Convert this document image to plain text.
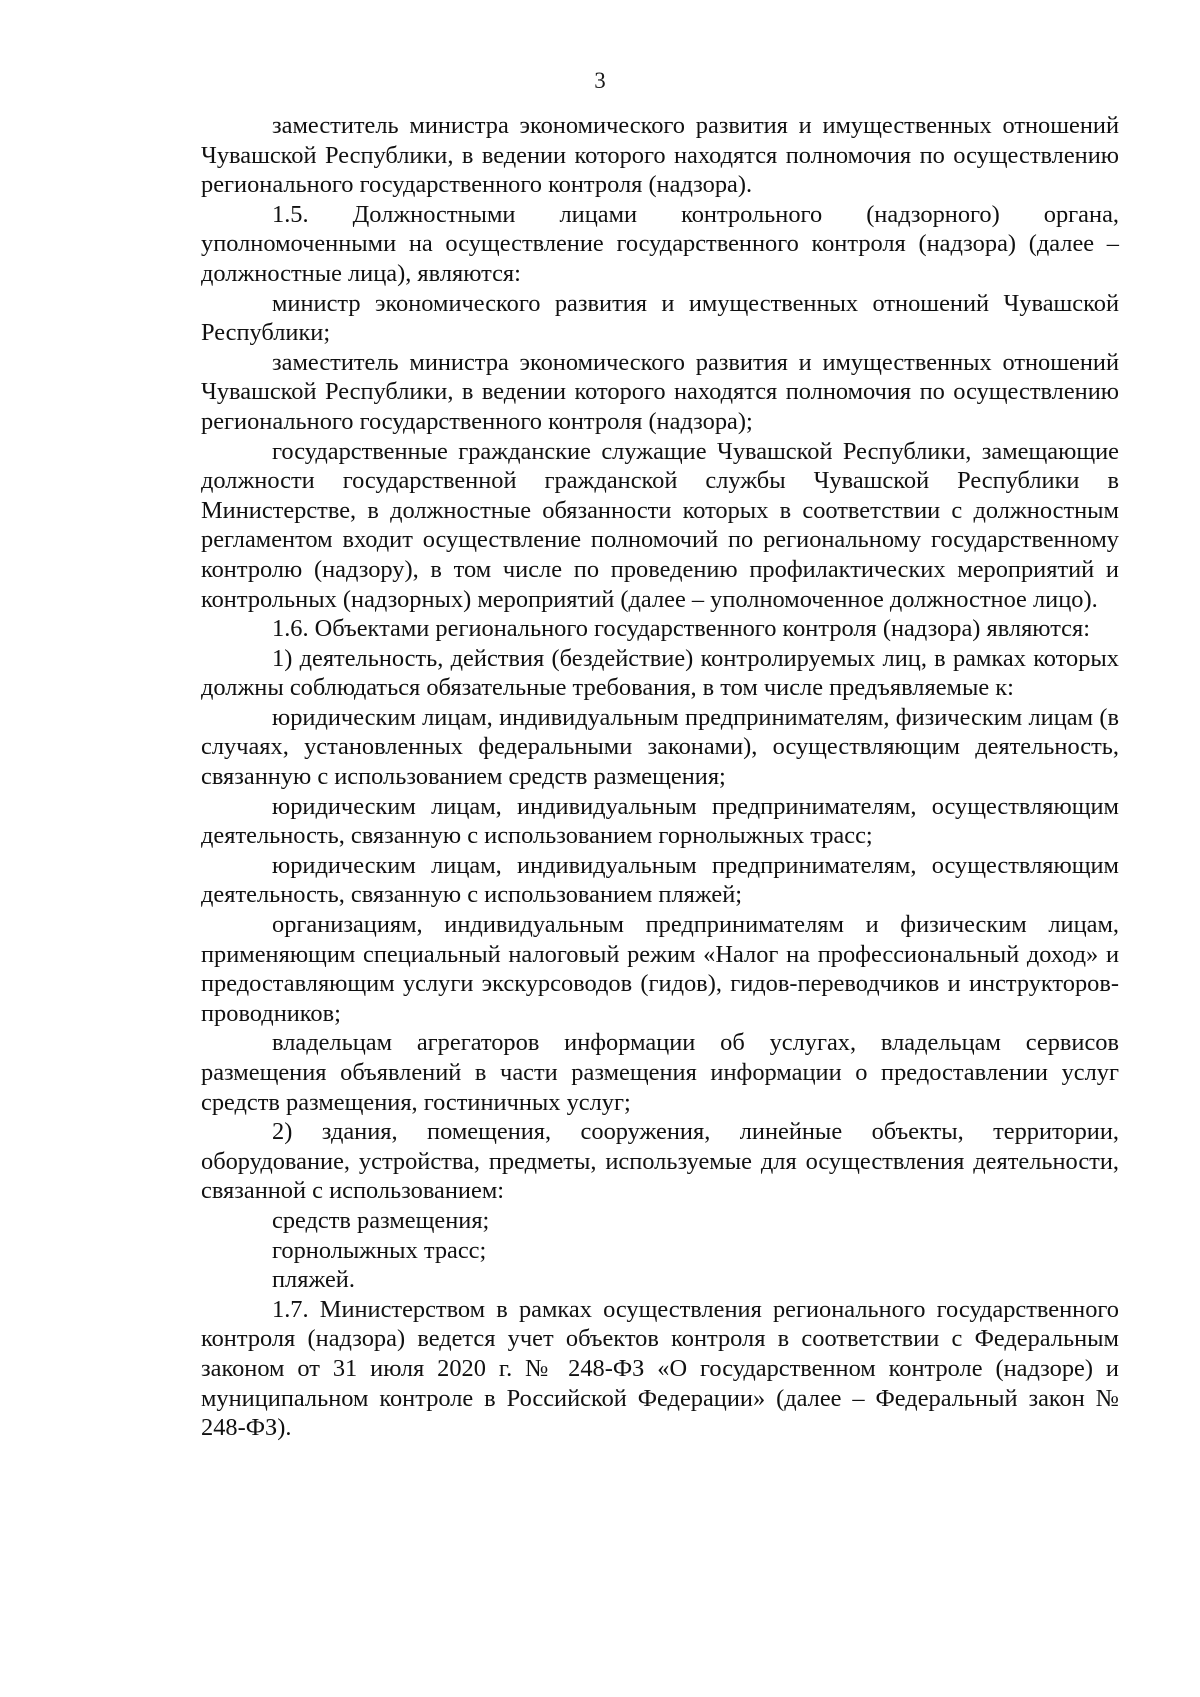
3

заместитель министра экономического развития и имущественных отношений Чувашской Республики, в ведении которого находятся полномочия по осуществлению регионального государственного контроля (надзора).

1.5. Должностными лицами контрольного (надзорного) органа, уполномоченными на осуществление государственного контроля (надзора) (далее – должностные лица), являются:

министр экономического развития и имущественных отношений Чувашской Республики;

заместитель министра экономического развития и имущественных отношений Чувашской Республики, в ведении которого находятся полномочия по осуществлению регионального государственного контроля (надзора);

государственные гражданские служащие Чувашской Республики, замещающие должности государственной гражданской службы Чувашской Республики в Министерстве, в должностные обязанности которых в соответствии с должностным регламентом входит осуществление полномочий по региональному государственному контролю (надзору), в том числе по проведению профилактических мероприятий и контрольных (надзорных) мероприятий (далее – уполномоченное должностное лицо).

1.6. Объектами регионального государственного контроля (надзора) являются:

1) деятельность, действия (бездействие) контролируемых лиц, в рамках которых должны соблюдаться обязательные требования, в том числе предъявляемые к:

юридическим лицам, индивидуальным предпринимателям, физическим лицам (в случаях, установленных федеральными законами), осуществляющим деятельность, связанную с использованием средств размещения;

юридическим лицам, индивидуальным предпринимателям, осуществляющим деятельность, связанную с использованием горнолыжных трасс;

юридическим лицам, индивидуальным предпринимателям, осуществляющим деятельность, связанную с использованием пляжей;

организациям, индивидуальным предпринимателям и физическим лицам, применяющим специальный налоговый режим «Налог на профессиональный доход» и предоставляющим услуги экскурсоводов (гидов), гидов-переводчиков и инструкторов-проводников;

владельцам агрегаторов информации об услугах, владельцам сервисов размещения объявлений в части размещения информации о предоставлении услуг средств размещения, гостиничных услуг;

2) здания, помещения, сооружения, линейные объекты, территории, оборудование, устройства, предметы, используемые для осуществления деятельности, связанной с использованием:

средств размещения;

горнолыжных трасс;

пляжей.

1.7. Министерством в рамках осуществления регионального государственного контроля (надзора) ведется учет объектов контроля в соответствии с Федеральным законом от 31 июля 2020 г. № 248-ФЗ «О государственном контроле (надзоре) и муниципальном контроле в Российской Федерации» (далее – Федеральный закон № 248-ФЗ).
